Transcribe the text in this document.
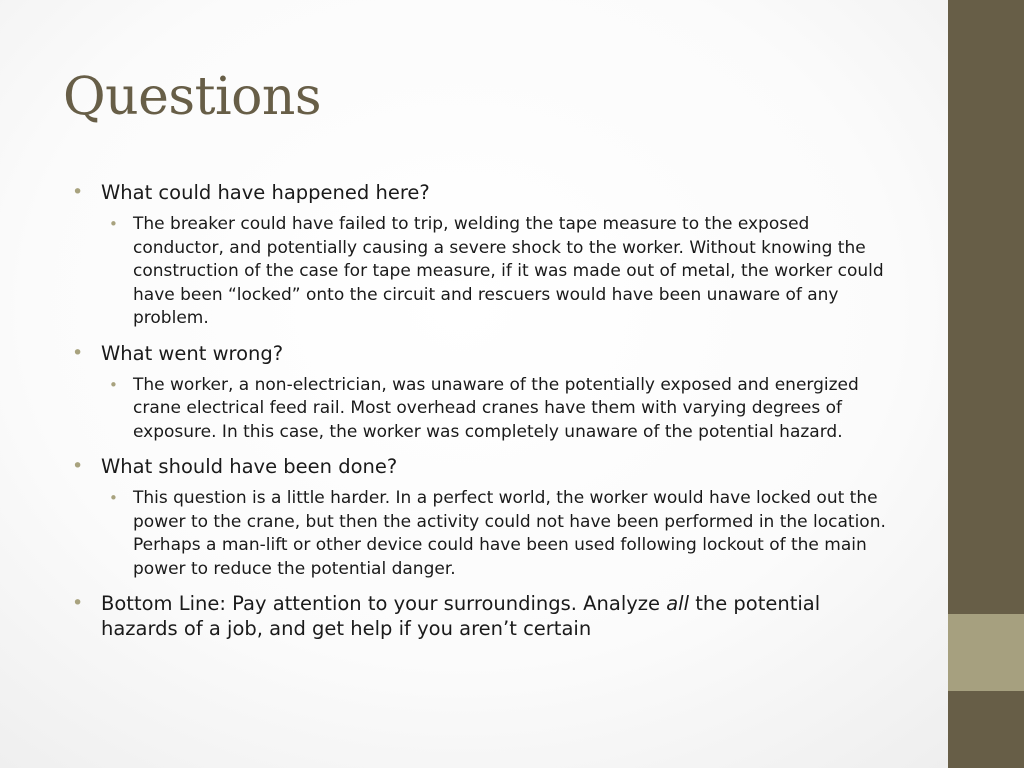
Questions
• What could have happened here?
• The breaker could have failed to trip, welding the tape measure to the exposed conductor, and potentially causing a severe shock to the worker. Without knowing the construction of the case for tape measure, if it was made out of metal, the worker could have been “locked” onto the circuit and rescuers would have been unaware of any problem.
• What went wrong?
• The worker, a non-electrician, was unaware of the potentially exposed and energized crane electrical feed rail. Most overhead cranes have them with varying degrees of exposure. In this case, the worker was completely unaware of the potential hazard.
• What should have been done?
• This question is a little harder. In a perfect world, the worker would have locked out the power to the crane, but then the activity could not have been performed in the location. Perhaps a man-lift or other device could have been used following lockout of the main power to reduce the potential danger.
• Bottom Line: Pay attention to your surroundings. Analyze all the potential hazards of a job, and get help if you aren’t certain
